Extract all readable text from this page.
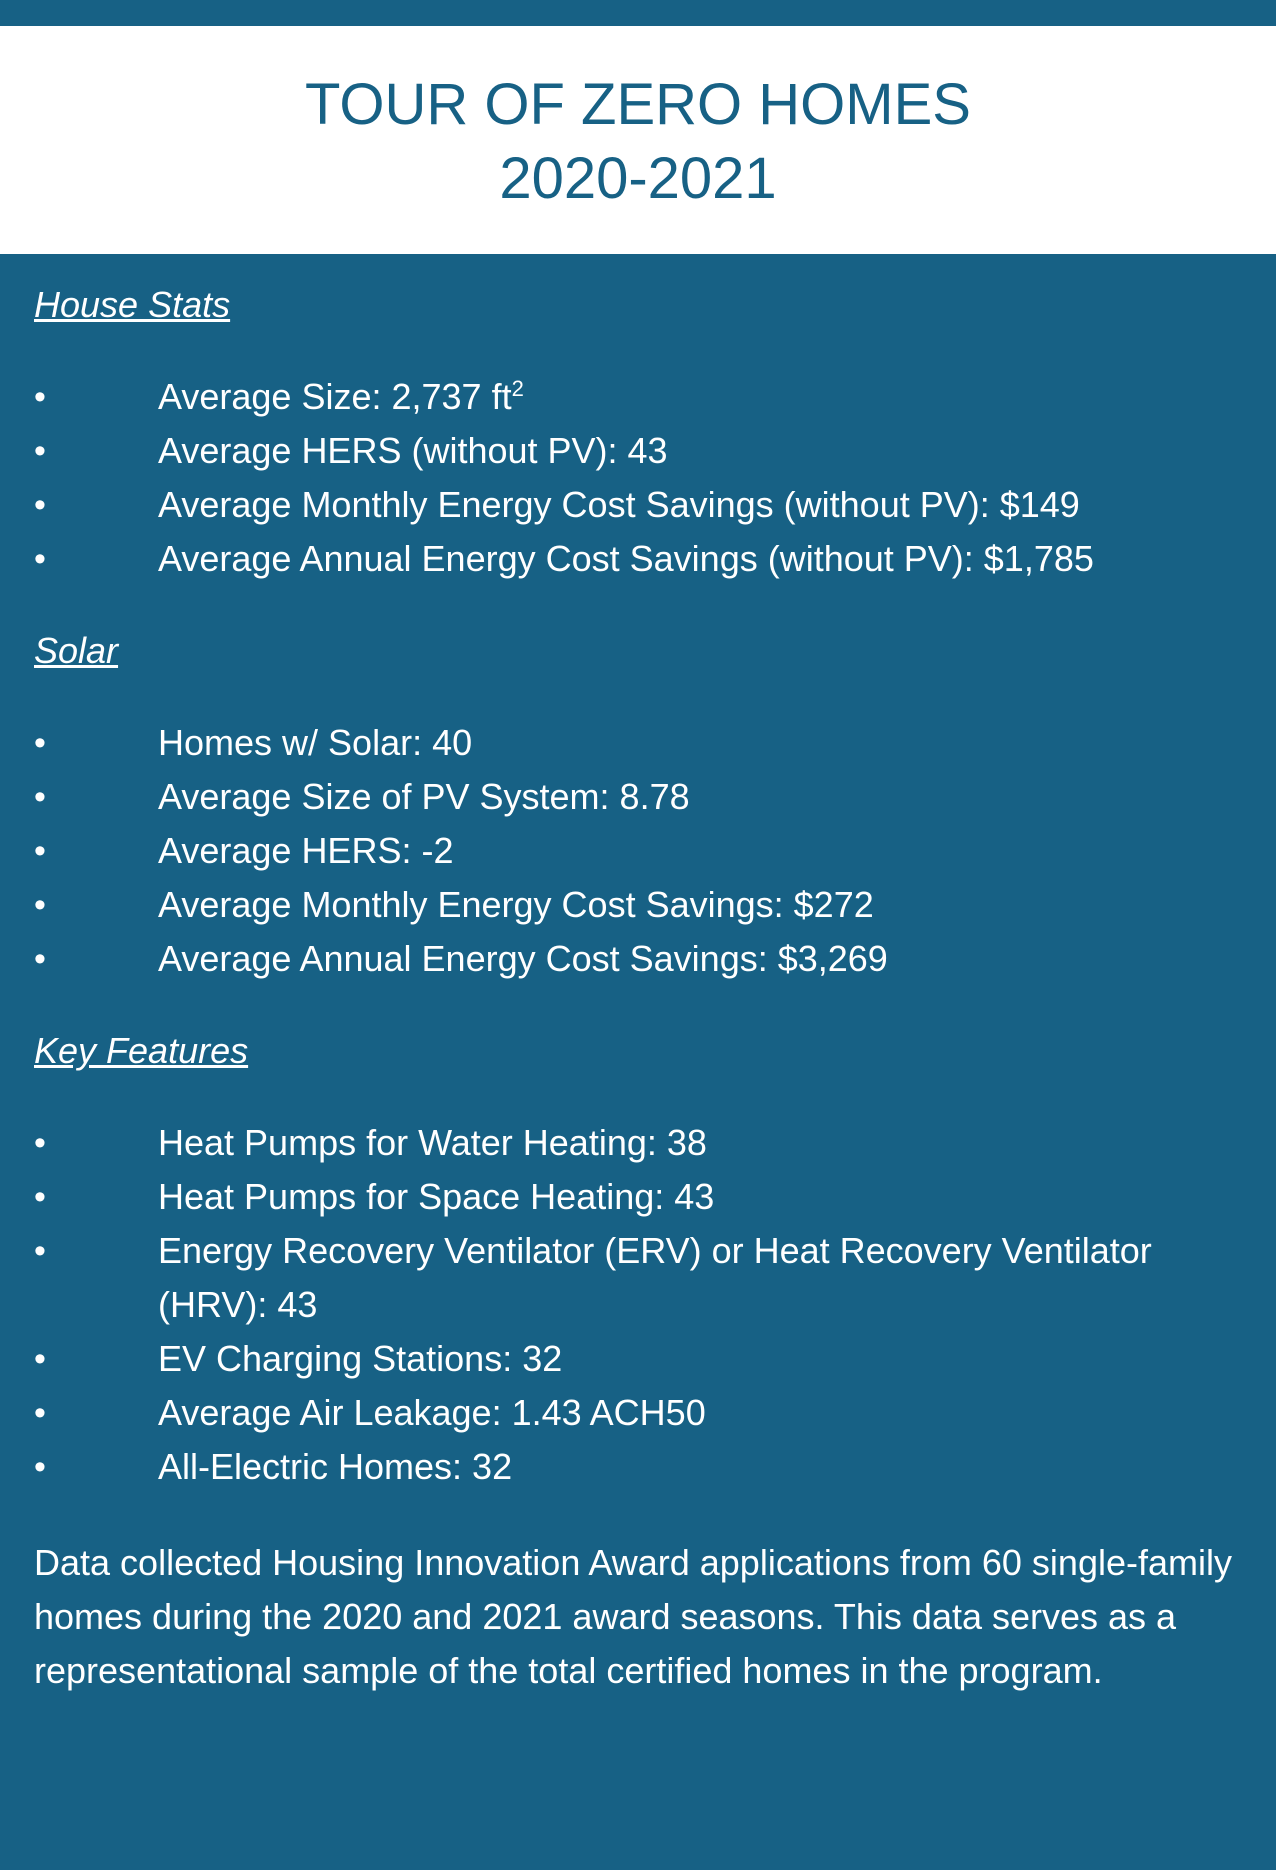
TOUR OF ZERO HOMES
2020-2021
House Stats
•	Average Size: 2,737 $ft^2$
•	Average HERS (without PV): 43
•	Average Monthly Energy Cost Savings (without PV): $149
•	Average Annual Energy Cost Savings (without PV): $1,785
Solar
•	Homes w/ Solar: 40
•	Average Size of PV System: 8.78
•	Average HERS: -2
•	Average Monthly Energy Cost Savings: $272
•	Average Annual Energy Cost Savings: $3,269
Key Features
•	Heat Pumps for Water Heating: 38
•	Heat Pumps for Space Heating: 43
•	Energy Recovery Ventilator (ERV) or Heat Recovery Ventilator (HRV): 43
•	EV Charging Stations: 32
•	Average Air Leakage: 1.43 ACH50
•	All-Electric Homes: 32

Data collected Housing Innovation Award applications from 60 single-family homes during the 2020 and 2021 award seasons. This data serves as a representational sample of the total certified homes in the program.
